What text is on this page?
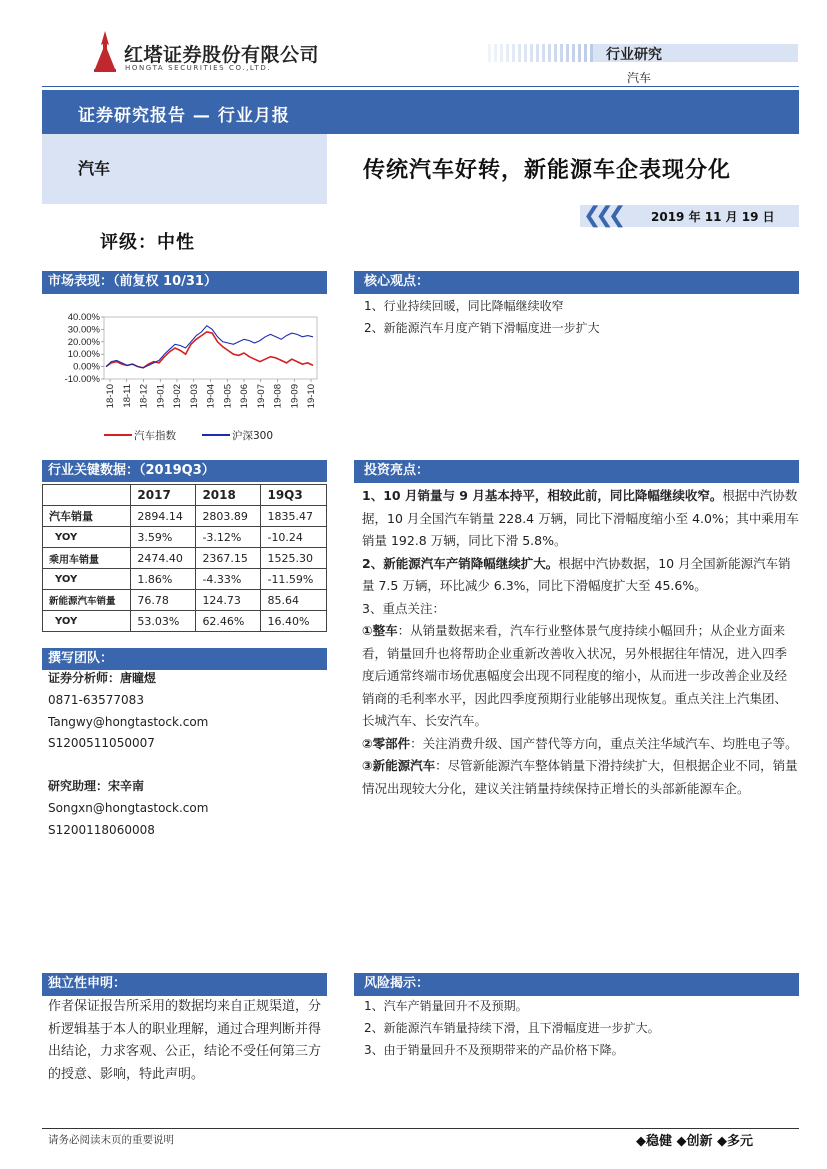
红塔证券股份有限公司
HONGTA SECURITIES CO.,LTD.
行业研究
汽车
证券研究报告 — 行业月报
汽车	传统汽车好转，新能源车企表现分化
❮❮❮	2019 年 11 月 19 日
评级：中性
市场表现：（前复权 10/31）
40.00%
30.00%
20.00%
10.00%
0.00%
-10.00%
18-10 18-11 18-12 19-01 19-02 19-03 19-04 19-05 19-06 19-07 19-08 19-09 19-10
汽车指数	沪深300
核心观点：
1、行业持续回暖，同比降幅继续收窄
2、新能源汽车月度产销下滑幅度进一步扩大
行业关键数据：（2019Q3）
	2017	2018	19Q3
汽车销量	2894.14	2803.89	1835.47
YOY	3.59%	-3.12%	-10.24
乘用车销量	2474.40	2367.15	1525.30
YOY	1.86%	-4.33%	-11.59%
新能源汽车销量	76.78	124.73	85.64
YOY	53.03%	62.46%	16.40%
投资亮点：
1、10 月销量与 9 月基本持平，相较此前，同比降幅继续收窄。根据中汽协数据，10 月全国汽车销量 228.4 万辆，同比下滑幅度缩小至 4.0%；其中乘用车销量 192.8 万辆，同比下滑 5.8%。
2、新能源汽车产销降幅继续扩大。根据中汽协数据，10 月全国新能源汽车销量 7.5 万辆，环比减少 6.3%，同比下滑幅度扩大至 45.6%。
3、重点关注：
①整车：从销量数据来看，汽车行业整体景气度持续小幅回升；从企业方面来看，销量回升也将帮助企业重新改善收入状况，另外根据往年情况，进入四季度后通常终端市场优惠幅度会出现不同程度的缩小，从而进一步改善企业及经销商的毛利率水平，因此四季度预期行业能够出现恢复。重点关注上汽集团、长城汽车、长安汽车。
②零部件：关注消费升级、国产替代等方向，重点关注华域汽车、均胜电子等。
③新能源汽车：尽管新能源汽车整体销量下滑持续扩大，但根据企业不同，销量情况出现较大分化，建议关注销量持续保持正增长的头部新能源车企。
撰写团队：
证券分析师：唐曈煜
0871-63577083
Tangwy@hongtastock.com
S1200511050007
研究助理：宋辛南
Songxn@hongtastock.com
S1200118060008
独立性申明：
作者保证报告所采用的数据均来自正规渠道，分析逻辑基于本人的职业理解，通过合理判断并得出结论，力求客观、公正，结论不受任何第三方的授意、影响，特此声明。
风险揭示：
1、汽车产销量回升不及预期。
2、新能源汽车销量持续下滑，且下滑幅度进一步扩大。
3、由于销量回升不及预期带来的产品价格下降。
请务必阅读末页的重要说明	◆稳健 ◆创新 ◆多元
